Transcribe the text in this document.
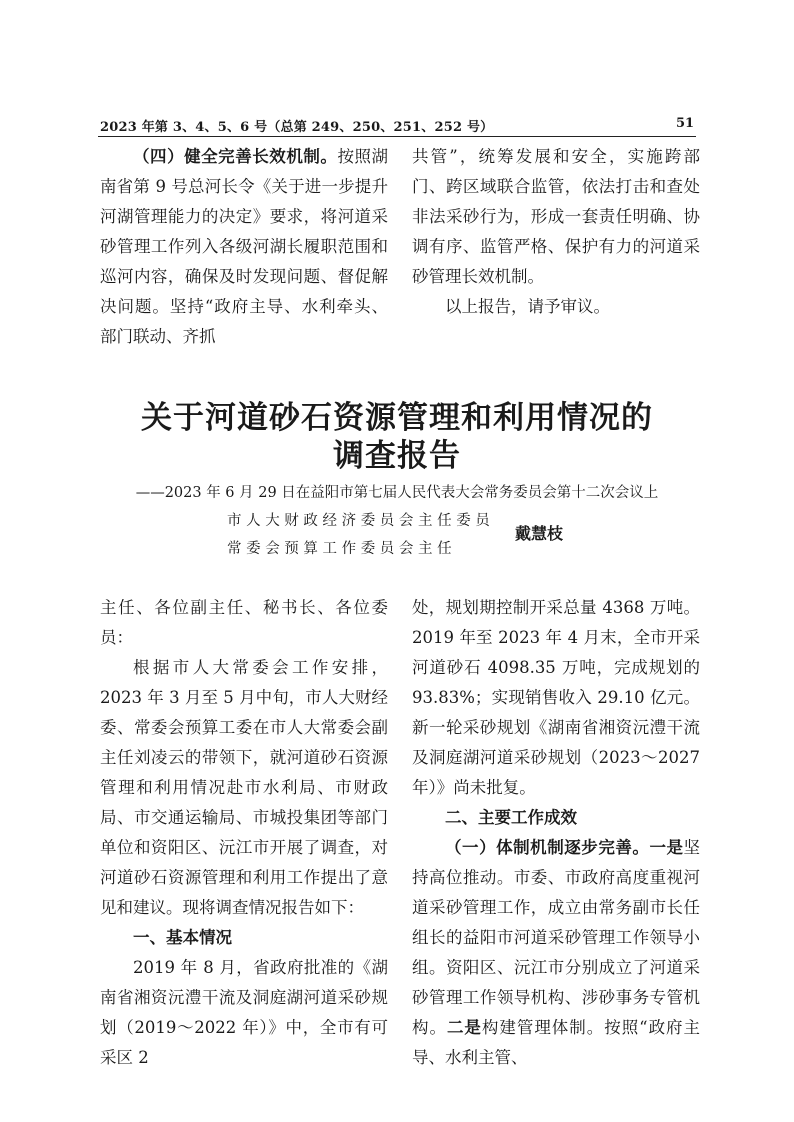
2023 年第 3、4、5、6 号（总第 249、250、251、252 号）	51

（四）健全完善长效机制。按照湖南省第 9 号总河长令《关于进一步提升河湖管理能力的决定》要求，将河道采砂管理工作列入各级河湖长履职范围和巡河内容，确保及时发现问题、督促解决问题。坚持“政府主导、水利牵头、部门联动、齐抓

共管”，统筹发展和安全，实施跨部门、跨区域联合监管，依法打击和查处非法采砂行为，形成一套责任明确、协调有序、监管严格、保护有力的河道采砂管理长效机制。

以上报告，请予审议。

关于河道砂石资源管理和利用情况的
调查报告
——2023 年 6 月 29 日在益阳市第七届人民代表大会常务委员会第十二次会议上
市人大财政经济委员会主任委员
常委会预算工作委员会主任
戴慧枝

主任、各位副主任、秘书长、各位委员：

根据市人大常委会工作安排，2023 年 3 月至 5 月中旬，市人大财经委、常委会预算工委在市人大常委会副主任刘凌云的带领下，就河道砂石资源管理和利用情况赴市水利局、市财政局、市交通运输局、市城投集团等部门单位和资阳区、沅江市开展了调查，对河道砂石资源管理和利用工作提出了意见和建议。现将调查情况报告如下：

一、基本情况

2019 年 8 月，省政府批准的《湖南省湘资沅澧干流及洞庭湖河道采砂规划（2019～2022 年）》中，全市有可采区 2

处，规划期控制开采总量 4368 万吨。2019 年至 2023 年 4 月末，全市开采河道砂石 4098.35 万吨，完成规划的 93.83%；实现销售收入 29.10 亿元。新一轮采砂规划《湖南省湘资沅澧干流及洞庭湖河道采砂规划（2023～2027 年）》尚未批复。

二、主要工作成效

（一）体制机制逐步完善。一是坚持高位推动。市委、市政府高度重视河道采砂管理工作，成立由常务副市长任组长的益阳市河道采砂管理工作领导小组。资阳区、沅江市分别成立了河道采砂管理工作领导机构、涉砂事务专管机构。二是构建管理体制。按照“政府主导、水利主管、
